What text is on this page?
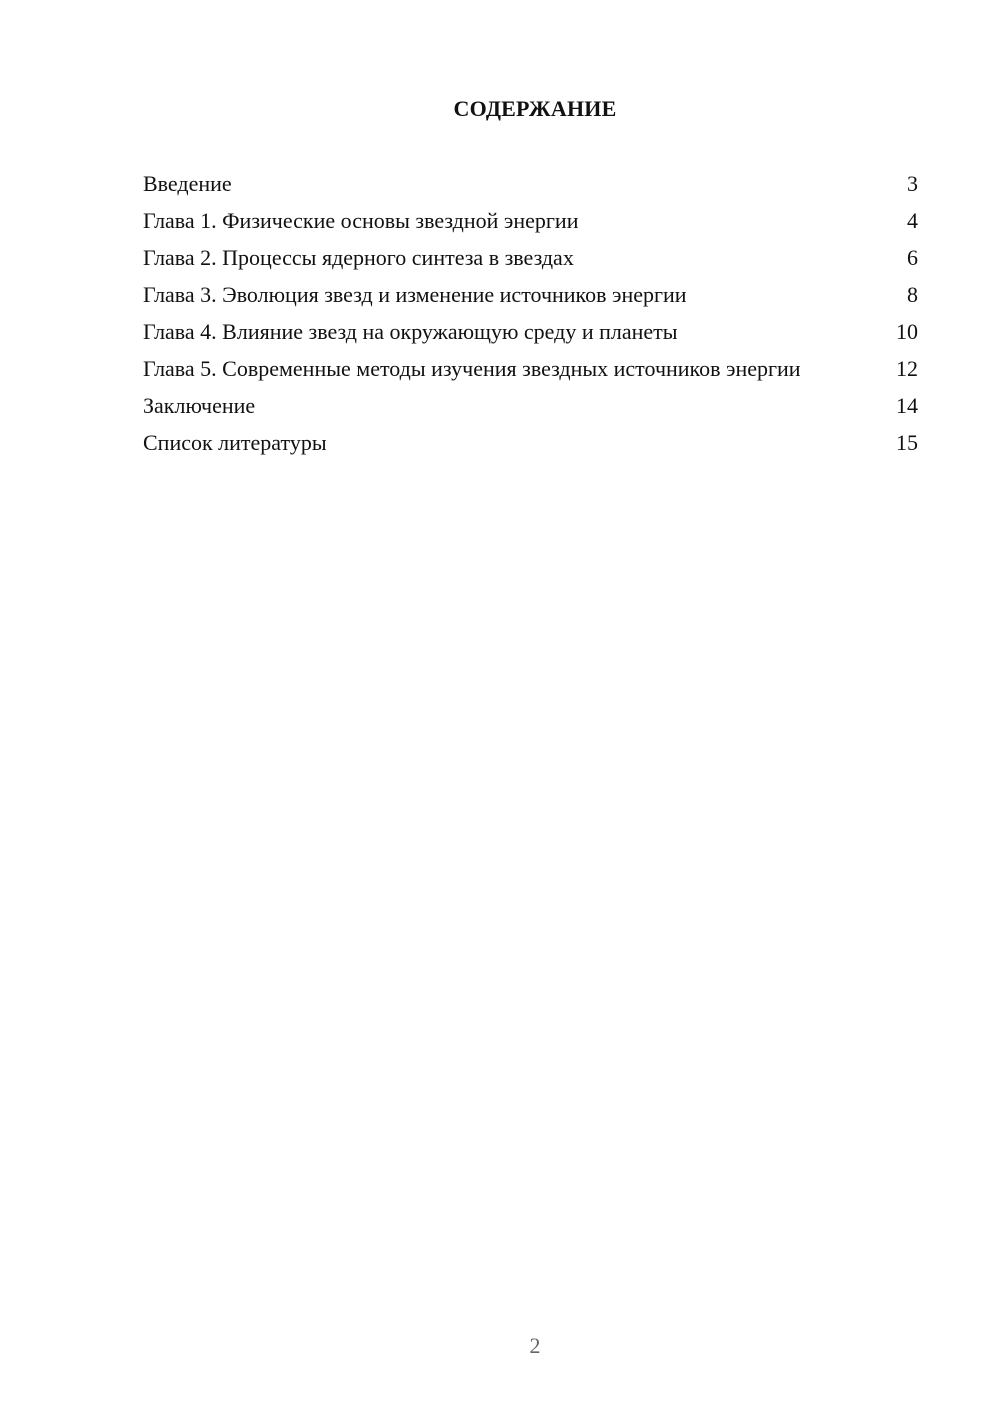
СОДЕРЖАНИЕ
Введение	3
Глава 1. Физические основы звездной энергии	4
Глава 2. Процессы ядерного синтеза в звездах	6
Глава 3. Эволюция звезд и изменение источников энергии	8
Глава 4. Влияние звезд на окружающую среду и планеты	10
Глава 5. Современные методы изучения звездных источников энергии	12
Заключение	14
Список литературы	15

2
